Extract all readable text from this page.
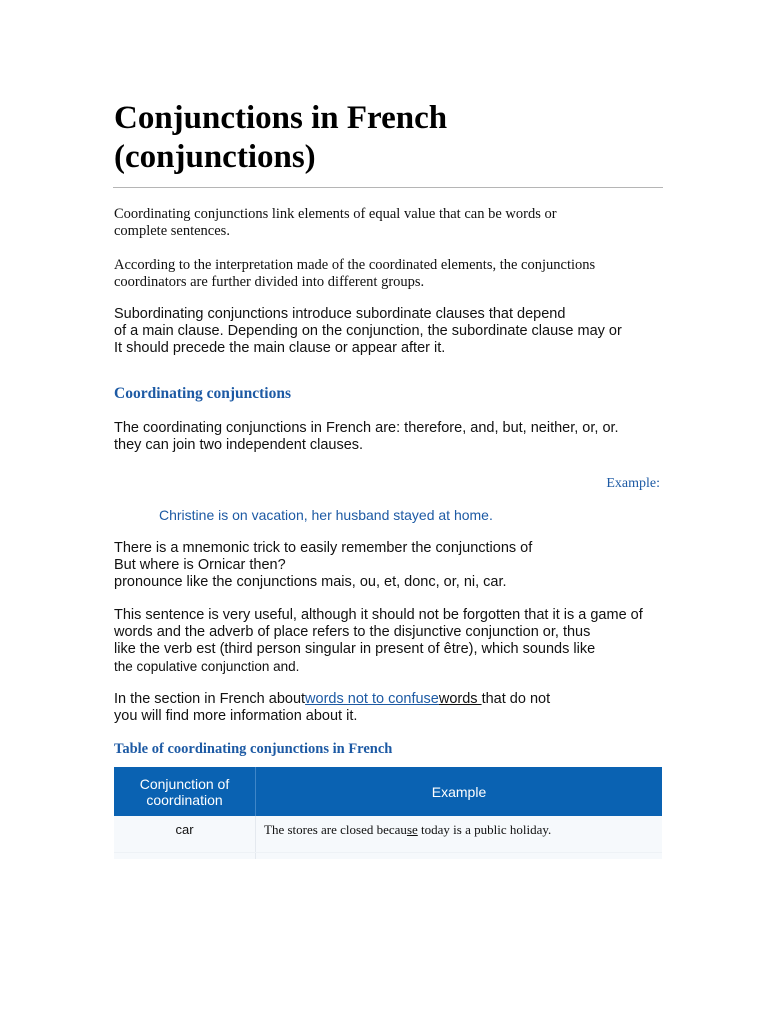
Conjunctions in French
(conjunctions)
Coordinating conjunctions link elements of equal value that can be words or
complete sentences.
According to the interpretation made of the coordinated elements, the conjunctions
coordinators are further divided into different groups.
Subordinating conjunctions introduce subordinate clauses that depend
of a main clause. Depending on the conjunction, the subordinate clause may or
It should precede the main clause or appear after it.
Coordinating conjunctions
The coordinating conjunctions in French are: therefore, and, but, neither, or, or.
they can join two independent clauses.
Example:
Christine is on vacation, her husband stayed at home.
There is a mnemonic trick to easily remember the conjunctions of
But where is Ornicar then?
pronounce like the conjunctions mais, ou, et, donc, or, ni, car.
This sentence is very useful, although it should not be forgotten that it is a game of
words and the adverb of place refers to the disjunctive conjunction or, thus
like the verb est (third person singular in present of être), which sounds like
the copulative conjunction and.
In the section in French aboutwords not to confusewords that do not
you will find more information about it.
Table of coordinating conjunctions in French
Conjunction of coordination	Example
car	The stores are closed because today is a public holiday.
